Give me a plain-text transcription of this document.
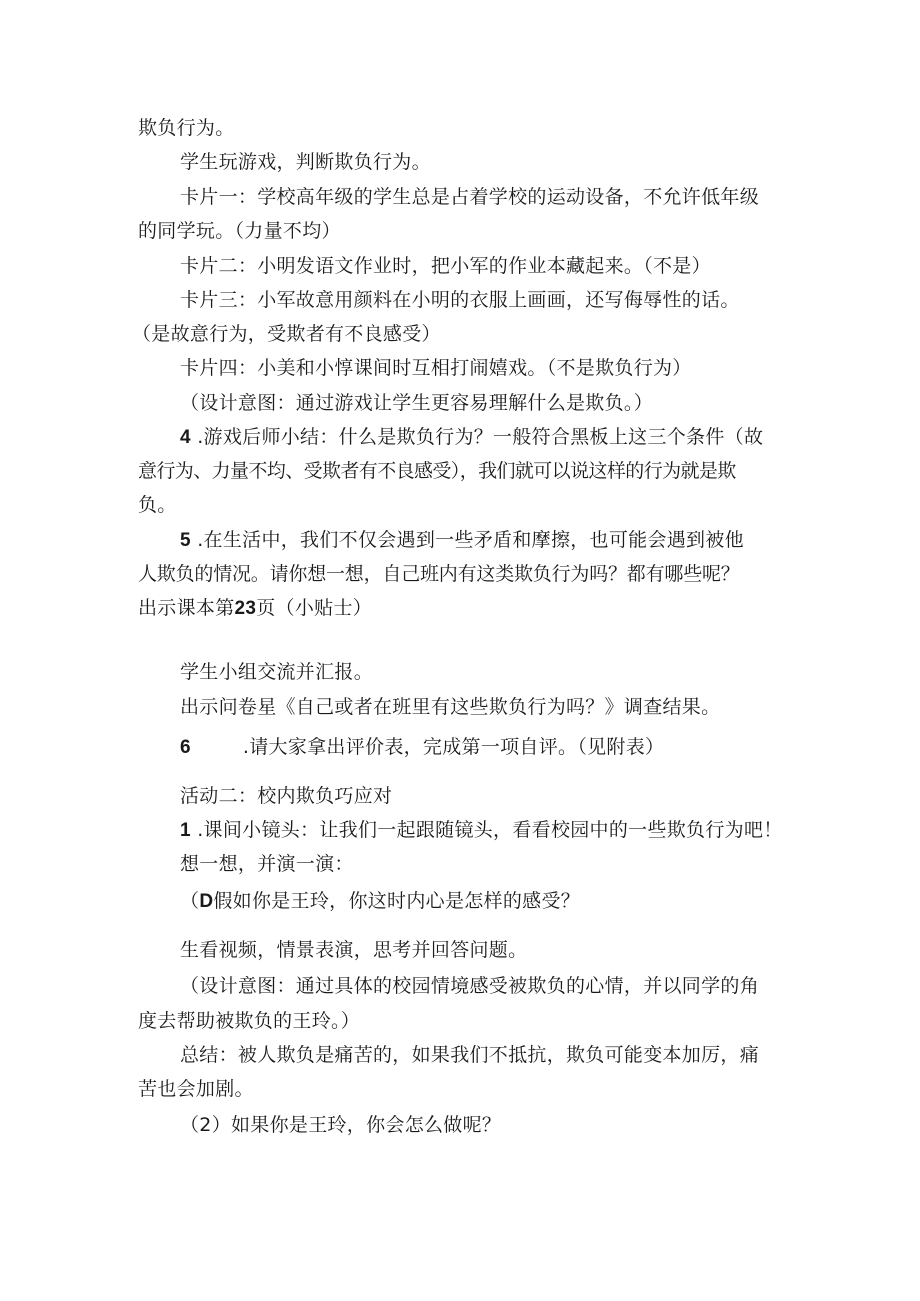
欺负行为。

学生玩游戏，判断欺负行为。

卡片一：学校高年级的学生总是占着学校的运动设备，不允许低年级

的同学玩。（力量不均）

卡片二：小明发语文作业时，把小军的作业本藏起来。（不是）

卡片三：小军故意用颜料在小明的衣服上画画，还写侮辱性的话。

（是故意行为，受欺者有不良感受）

卡片四：小美和小惇课间时互相打闹嬉戏。（不是欺负行为）

（设计意图：通过游戏让学生更容易理解什么是欺负。）

4 .游戏后师小结：什么是欺负行为？一般符合黑板上这三个条件（故

意行为、力量不均、受欺者有不良感受），我们就可以说这样的行为就是欺

负。

5 .在生活中，我们不仅会遇到一些矛盾和摩擦，也可能会遇到被他

人欺负的情况。请你想一想，自己班内有这类欺负行为吗？都有哪些呢？

出示课本第23页（小贴士）

学生小组交流并汇报。

出示问卷星《自己或者在班里有这些欺负行为吗？》调查结果。

6	.请大家拿出评价表，完成第一项自评。（见附表）

活动二：校内欺负巧应对

1 .课间小镜头：让我们一起跟随镜头，看看校园中的一些欺负行为吧！

想一想，并演一演：

（D假如你是王玲，你这时内心是怎样的感受？

生看视频，情景表演，思考并回答问题。

（设计意图：通过具体的校园情境感受被欺负的心情，并以同学的角

度去帮助被欺负的王玲。）

总结：被人欺负是痛苦的，如果我们不抵抗，欺负可能变本加厉，痛

苦也会加剧。

（2）如果你是王玲，你会怎么做呢？
